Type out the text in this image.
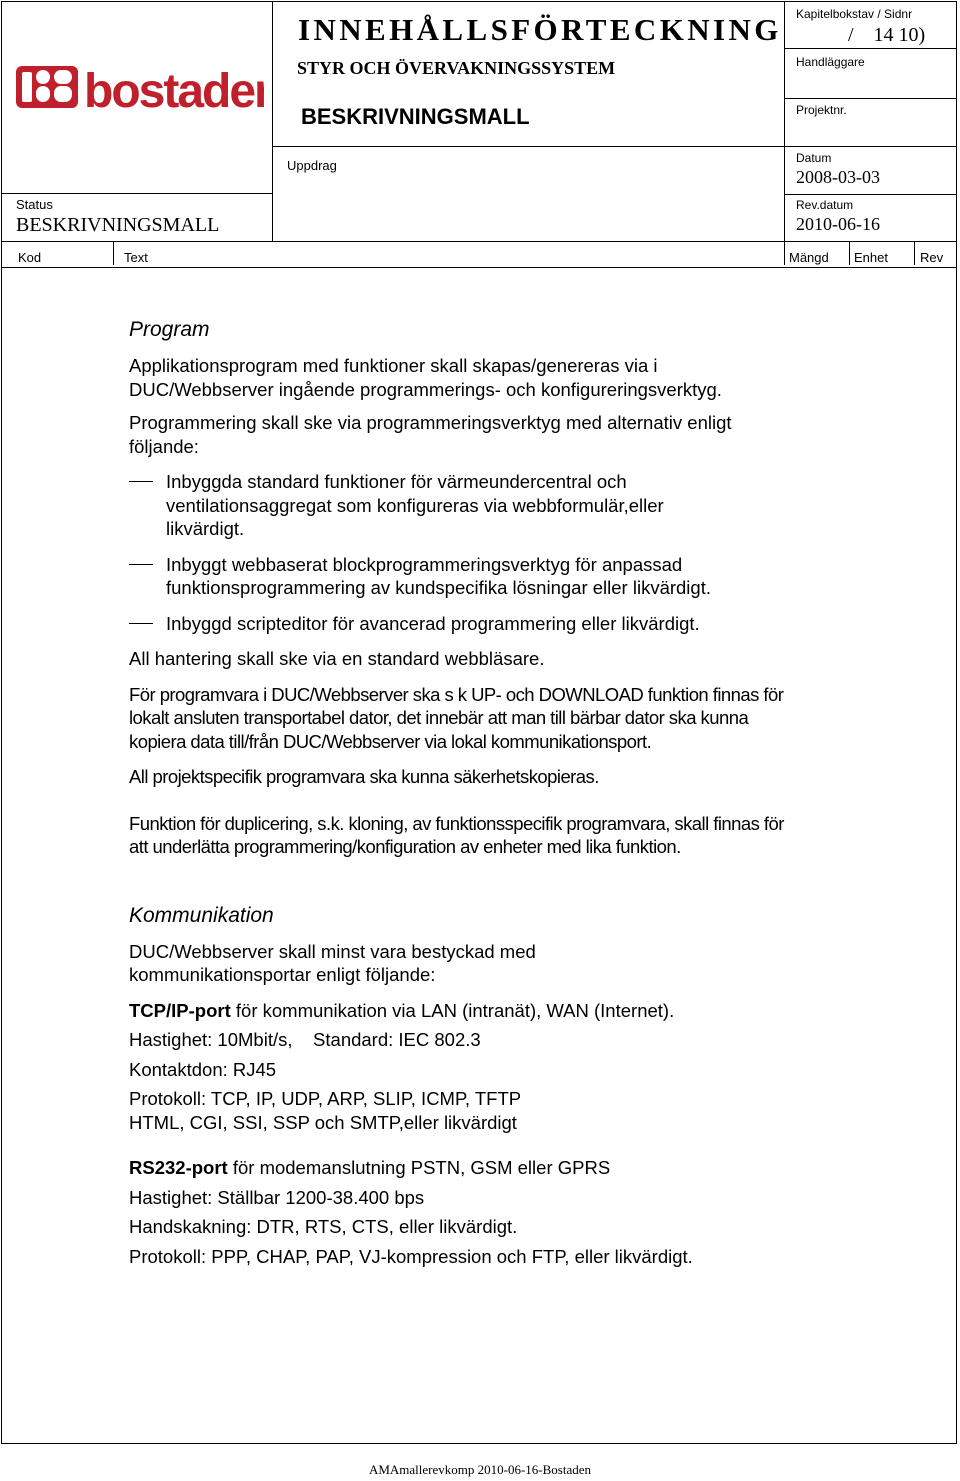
bostaden
INNEHÅLLSFÖRTECKNING
STYR OCH ÖVERVAKNINGSSYSTEM
BESKRIVNINGSMALL
Uppdrag
Status
BESKRIVNINGSMALL
Kapitelbokstav / Sidnr
/    14 10)
Handläggare
Projektnr.
Datum
2008-03-03
Rev.datum
2010-06-16
Kod	Text	Mängd Enhet Rev

Program

Applikationsprogram med funktioner skall skapas/genereras via i DUC/Webbserver ingående programmerings- och konfigureringsverktyg.

Programmering skall ske via programmeringsverktyg med alternativ enligt följande:

Inbyggda standard funktioner för värmeundercentral och ventilationsaggregat som konfigureras via webbformulär,eller likvärdigt.
Inbyggt webbaserat blockprogrammeringsverktyg för anpassad funktionsprogrammering av kundspecifika lösningar eller likvärdigt.
Inbyggd scripteditor för avancerad programmering eller likvärdigt.

All hantering skall ske via en standard webbläsare.

För programvara i DUC/Webbserver ska s k UP- och DOWNLOAD funktion finnas för lokalt ansluten transportabel dator, det innebär att man till bärbar dator ska kunna kopiera data till/från DUC/Webbserver via lokal kommunikationsport.

All projektspecifik programvara ska kunna säkerhetskopieras.

Funktion för duplicering, s.k. kloning, av funktionsspecifik programvara, skall finnas för att underlätta programmering/konfiguration av enheter med lika funktion.

Kommunikation

DUC/Webbserver skall minst vara bestyckad med kommunikationsportar enligt följande:

TCP/IP-port för kommunikation via LAN (intranät), WAN (Internet).

Hastighet: 10Mbit/s,    Standard: IEC 802.3

Kontaktdon: RJ45

Protokoll: TCP, IP, UDP, ARP, SLIP, ICMP, TFTP

HTML, CGI, SSI, SSP och SMTP,eller likvärdigt

RS232-port för modemanslutning PSTN, GSM eller GPRS

Hastighet: Ställbar 1200-38.400 bps

Handskakning: DTR, RTS, CTS, eller likvärdigt.

Protokoll: PPP, CHAP, PAP, VJ-kompression och FTP, eller likvärdigt.

AMAmallerevkomp 2010-06-16-Bostaden
